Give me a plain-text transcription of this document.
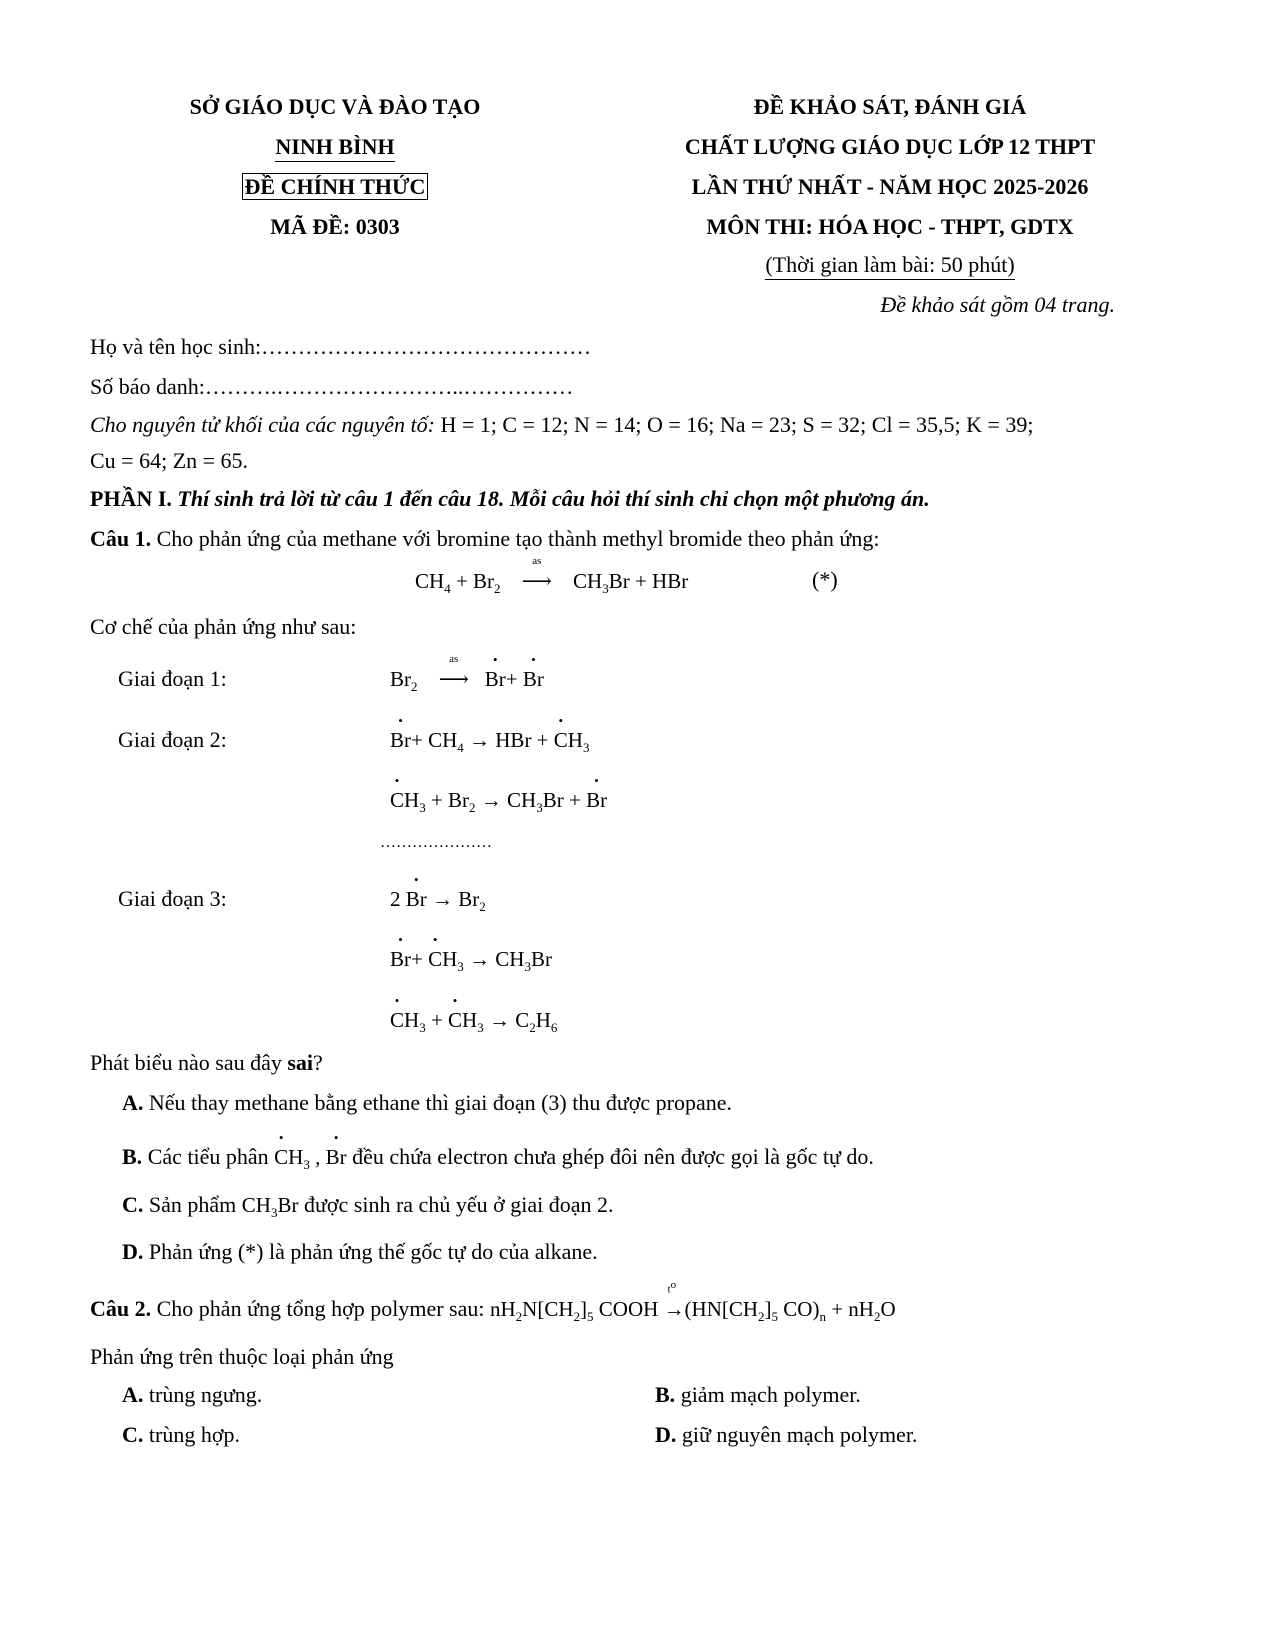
SỞ GIÁO DỤC VÀ ĐÀO TẠO
NINH BÌNH
ĐỀ CHÍNH THỨC
MÃ ĐỀ: 0303
ĐỀ KHẢO SÁT, ĐÁNH GIÁ
CHẤT LƯỢNG GIÁO DỤC LỚP 12 THPT
LẦN THỨ NHẤT - NĂM HỌC 2025-2026
MÔN THI: HÓA HỌC - THPT, GDTX
(Thời gian làm bài: 50 phút)
Đề khảo sát gồm 04 trang.
Họ và tên học sinh:………………………………………
Số báo danh:……….……………………..……………
Cho nguyên tử khối của các nguyên tố: H = 1; C = 12; N = 14; O = 16; Na = 23; S = 32; Cl = 35,5; K = 39;
Cu = 64; Zn = 65.
PHẦN I. Thí sinh trả lời từ câu 1 đến câu 18. Mỗi câu hỏi thí sinh chỉ chọn một phương án.
Câu 1. Cho phản ứng của methane với bromine tạo thành methyl bromide theo phản ứng:
$CH_4 + Br_2$
as
⟶ $CH_3Br$ + HBr	(*)
Cơ chế của phản ứng như sau:
Giai đoạn 1:	$Br_2$
as
⟶ • Br+ • Br
Giai đoạn 2:	• $Br+ CH_4$ → HBr + • $CH_3$
• $CH_3 + Br_2 \to CH_3Br$ + • Br
…………………
Giai đoạn 3:	2 • $Br \to Br_2$
• Br+ • $CH_3 \to CH_3Br$
• $CH_3$ + • $CH_3 \to C_2H_6$
Phát biểu nào sau đây sai?
A. Nếu thay methane bằng ethane thì giai đoạn (3) thu được propane.
B. Các tiểu phân • $CH_3$ , • Br đều chứa electron chưa ghép đôi nên được gọi là gốc tự do.
C. Sản phẩm $CH_3Br$ được sinh ra chủ yếu ở giai đoạn 2.
D. Phản ứng (*) là phản ứng thế gốc tự do của alkane.
Câu 2. Cho phản ứng tổng hợp polymer sau: $nH_2N[CH_2]_5$ COOH
$t^o$
$\to(HN[CH_2]_5$ $CO)_n + nH_2O$
Phản ứng trên thuộc loại phản ứng
A. trùng ngưng.	B. giảm mạch polymer.
C. trùng hợp.	D. giữ nguyên mạch polymer.
